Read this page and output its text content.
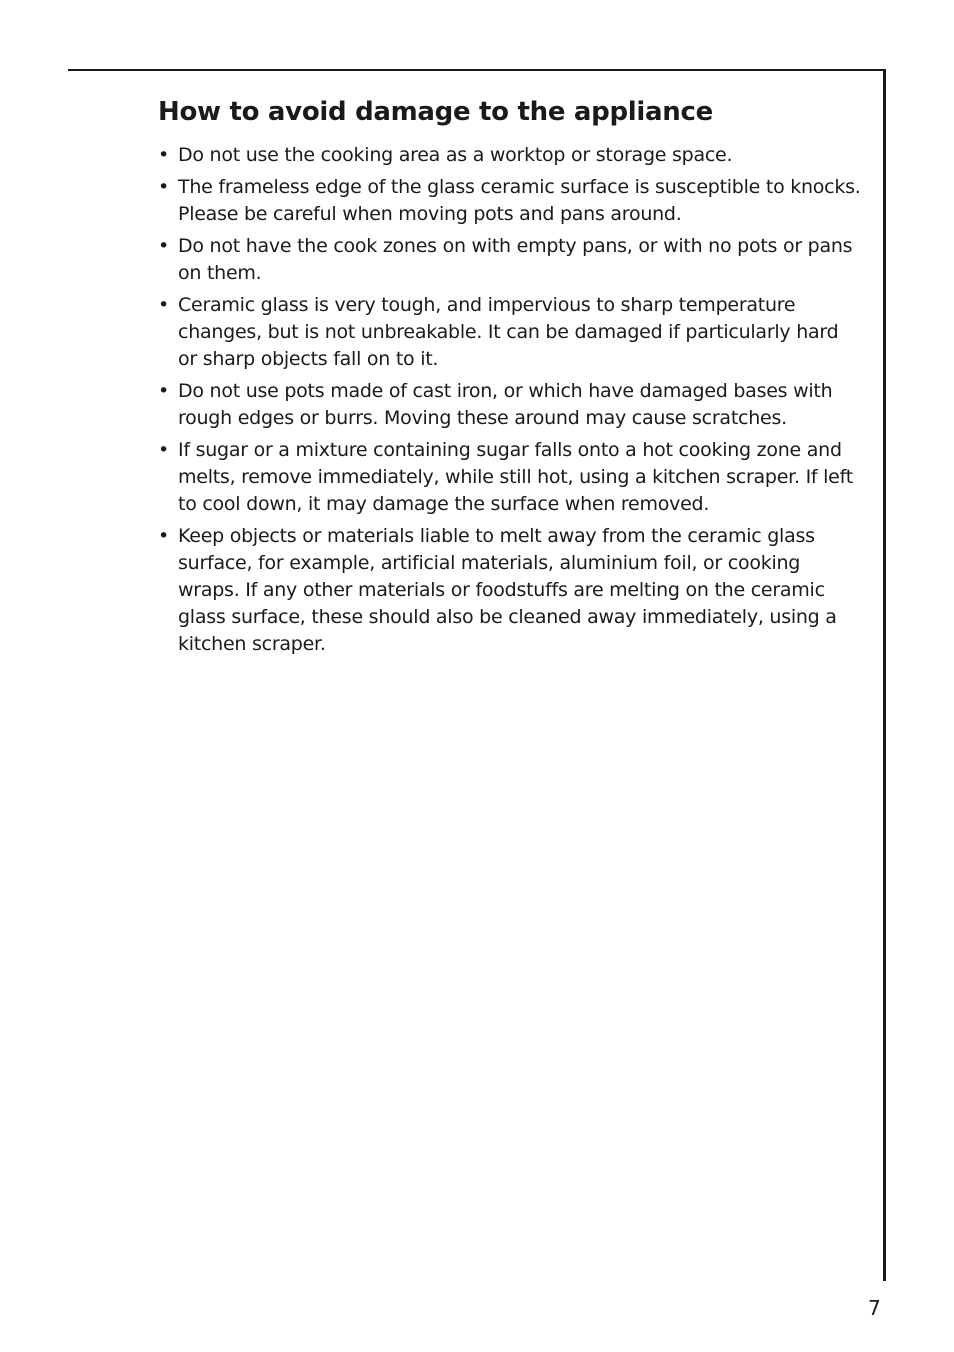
How to avoid damage to the appliance
• Do not use the cooking area as a worktop or storage space.
• The frameless edge of the glass ceramic surface is susceptible to knocks. Please be careful when moving pots and pans around.
• Do not have the cook zones on with empty pans, or with no pots or pans on them.
• Ceramic glass is very tough, and impervious to sharp temperature changes, but is not unbreakable. It can be damaged if particularly hard or sharp objects fall on to it.
• Do not use pots made of cast iron, or which have damaged bases with rough edges or burrs. Moving these around may cause scratches.
• If sugar or a mixture containing sugar falls onto a hot cooking zone and melts, remove immediately, while still hot, using a kitchen scraper. If left to cool down, it may damage the surface when removed.
• Keep objects or materials liable to melt away from the ceramic glass surface, for example, artificial materials, aluminium foil, or cooking wraps. If any other materials or foodstuffs are melting on the ceramic glass surface, these should also be cleaned away immediately, using a kitchen scraper.
7
